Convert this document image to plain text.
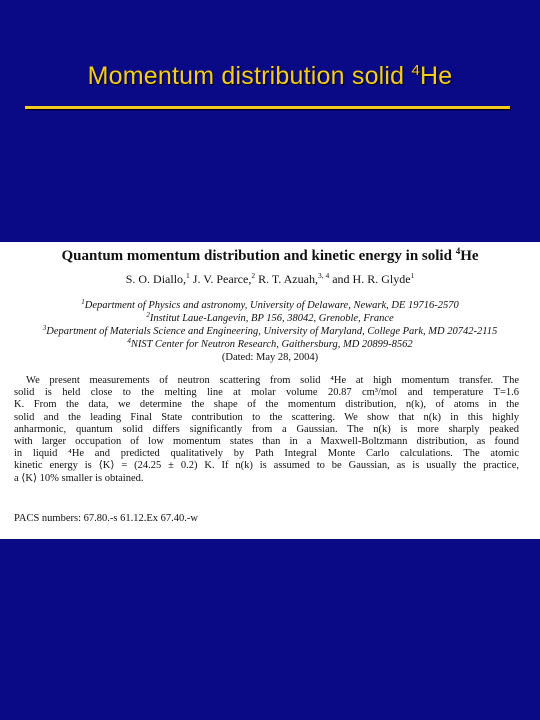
Momentum distribution solid $^4$He
Quantum momentum distribution and kinetic energy in solid $^4$He
S. O. Diallo,$^1$ J. V. Pearce,$^2$ R. T. Azuah,$^{3, 4}$ and H. R. Glyde$^1$
$^1$Department of Physics and astronomy, University of Delaware, Newark, DE 19716-2570
$^2$Institut Laue-Langevin, BP 156, 38042, Grenoble, France
$^3$Department of Materials Science and Engineering, University of Maryland, College Park, MD 20742-2115
$^4$NIST Center for Neutron Research, Gaithersburg, MD 20899-8562
(Dated: May 28, 2004)
We present measurements of neutron scattering from solid ⁴He at high momentum transfer. The
solid is held close to the melting line at molar volume 20.87 cm³/mol and temperature T=1.6
K. From the data, we determine the shape of the momentum distribution, n(k), of atoms in the
solid and the leading Final State contribution to the scattering. We show that n(k) in this highly
anharmonic, quantum solid differs significantly from a Gaussian. The n(k) is more sharply peaked
with larger occupation of low momentum states than in a Maxwell-Boltzmann distribution, as found
in liquid ⁴He and predicted qualitatively by Path Integral Monte Carlo calculations. The atomic
kinetic energy is ⟨K⟩ = (24.25 ± 0.2) K. If n(k) is assumed to be Gaussian, as is usually the practice,
a ⟨K⟩ 10% smaller is obtained.
PACS numbers: 67.80.-s 61.12.Ex 67.40.-w
